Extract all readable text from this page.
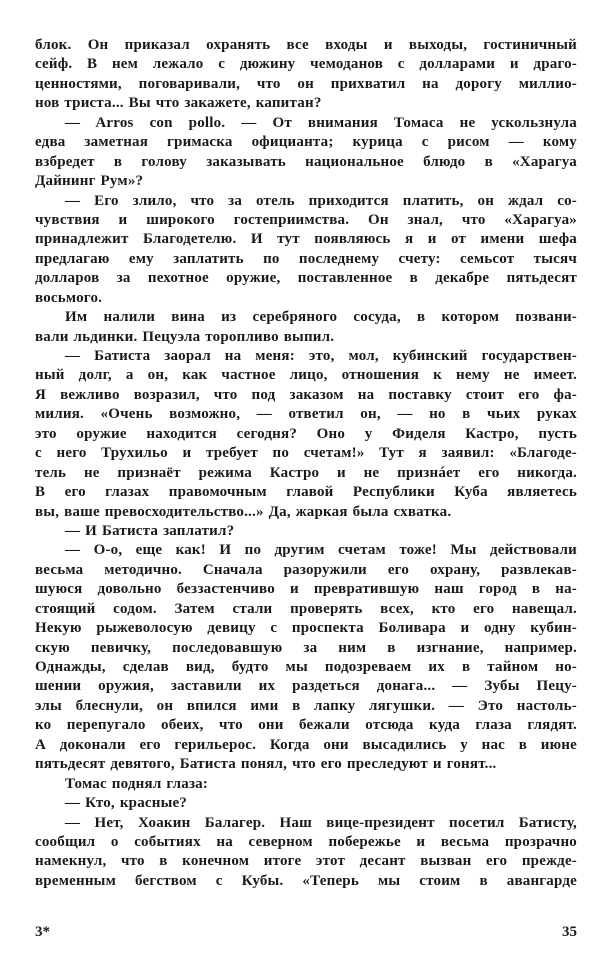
блок. Он приказал охранять все входы и выходы, гостиничный
сейф. В нем лежало с дюжину чемоданов с долларами и драго-
ценностями, поговаривали, что он прихватил на дорогу миллио-
нов триста... Вы что закажете, капитан?
— Arros con pollo. — От внимания Томаса не ускользнула
едва заметная гримаска официанта; курица с рисом — кому
взбредет в голову заказывать национальное блюдо в «Харагуа
Дайнинг Рум»?
— Его злило, что за отель приходится платить, он ждал со-
чувствия и широкого гостеприимства. Он знал, что «Харагуа»
принадлежит Благодетелю. И тут появляюсь я и от имени шефа
предлагаю ему заплатить по последнему счету: семьсот тысяч
долларов за пехотное оружие, поставленное в декабре пятьдесят
восьмого.
Им налили вина из серебряного сосуда, в котором позвани-
вали льдинки. Пецуэла торопливо выпил.
— Батиста заорал на меня: это, мол, кубинский государствен-
ный долг, а он, как частное лицо, отношения к нему не имеет.
Я вежливо возразил, что под заказом на поставку стоит его фа-
милия. «Очень возможно, — ответил он, — но в чьих руках
это оружие находится сегодня? Оно у Фиделя Кастро, пусть
с него Трухильо и требует по счетам!» Тут я заявил: «Благоде-
тель не признаёт режима Кастро и не признáет его никогда.
В его глазах правомочным главой Республики Куба являетесь
вы, ваше превосходительство...» Да, жаркая была схватка.
— И Батиста заплатил?
— О-о, еще как! И по другим счетам тоже! Мы действовали
весьма методично. Сначала разоружили его охрану, развлекав-
шуюся довольно беззастенчиво и превратившую наш город в на-
стоящий содом. Затем стали проверять всех, кто его навещал.
Некую рыжеволосую девицу с проспекта Боливара и одну кубин-
скую певичку, последовавшую за ним в изгнание, например.
Однажды, сделав вид, будто мы подозреваем их в тайном но-
шении оружия, заставили их раздеться донага... — Зубы Пецу-
элы блеснули, он впился ими в лапку лягушки. — Это настоль-
ко перепугало обеих, что они бежали отсюда куда глаза глядят.
А доконали его герильерос. Когда они высадились у нас в июне
пятьдесят девятого, Батиста понял, что его преследуют и гонят...
Томас поднял глаза:
— Кто, красные?
— Нет, Хоакин Балагер. Наш вице-президент посетил Батисту,
сообщил о событиях на северном побережье и весьма прозрачно
намекнул, что в конечном итоге этот десант вызван его прежде-
временным бегством с Кубы. «Теперь мы стоим в авангарде
3*	35
